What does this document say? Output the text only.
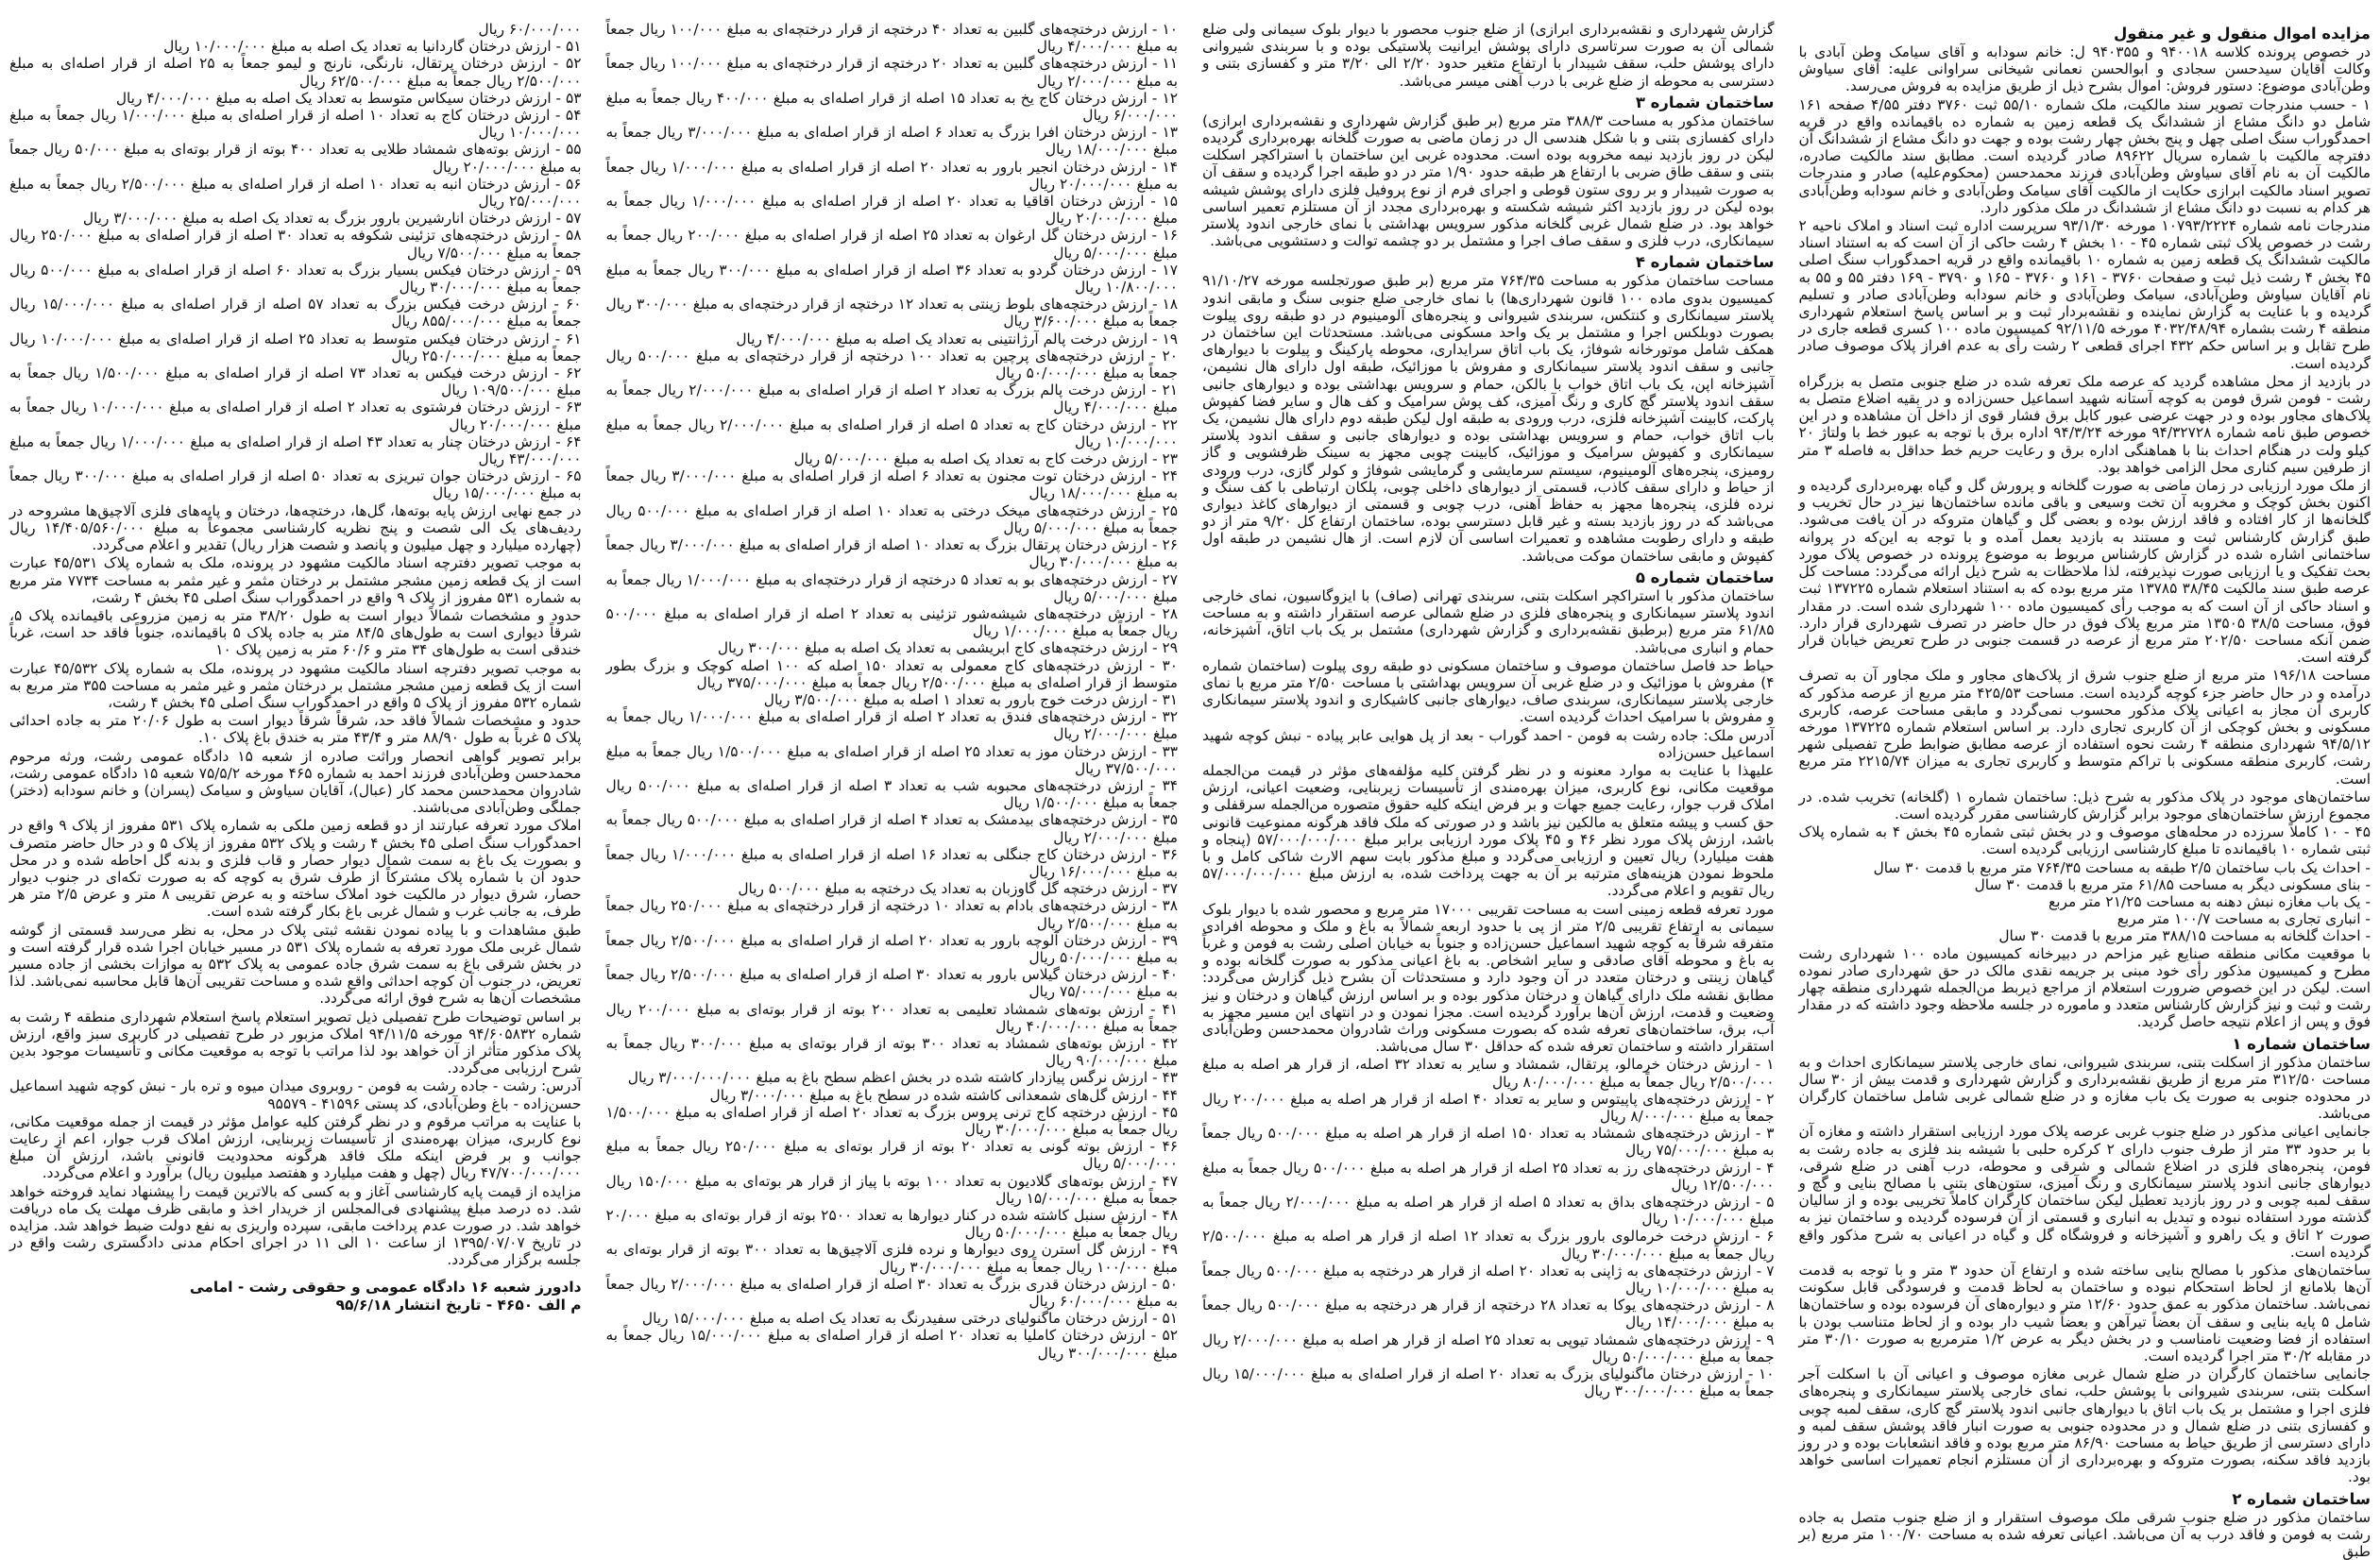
مزایده اموال منقول و غیر منقول

در خصوص پرونده کلاسه ۹۴۰۰۱۸ و ۹۴۰۳۵۵ ل: خانم سودابه و آقای سیامک وطن آبادی با وکالت آقایان سیدحسن سجادی و ابوالحسن نعمانی شیخانی سراوانی علیه: آقای سیاوش وطن‌آبادی موضوع: دستور فروش: اموال بشرح ذیل از طریق مزایده به فروش می‌رسد.

۱ - حسب مندرجات تصویر سند مالکیت، ملک شماره ۵۵/۱۰ ثبت ۳۷۶۰ دفتر ۴/۵۵ صفحه ۱۶۱ شامل دو دانگ مشاع از ششدانگ یک قطعه زمین به شماره ده باقیمانده واقع در قریه احمدگوراب سنگ اصلی چهل و پنج بخش چهار رشت بوده و جهت دو دانگ مشاع از ششدانگ آن دفترچه مالکیت با شماره سریال ۸۹۶۲۲ صادر گردیده است. مطابق سند مالکیت صادره، مالکیت آن به نام آقای سیاوش وطن‌آبادی فرزند محمدحسن (محکوم‌علیه) صادر و مندرجات تصویر اسناد مالکیت ابرازی حکایت از مالکیت آقای سیامک وطن‌آبادی و خانم سودابه وطن‌آبادی هر کدام به نسبت دو دانگ مشاع از ششدانگ در ملک مذکور دارد.

مندرجات نامه شماره ۱۰۷۹۳/۲۲۲۴ مورخه ۹۳/۱/۳۰ سرپرست اداره ثبت اسناد و املاک ناحیه ۲ رشت در خصوص پلاک ثبتی شماره ۴۵ - ۱۰ بخش ۴ رشت حاکی از آن است که به استناد اسناد مالکیت ششدانگ یک قطعه زمین به شماره ۱۰ باقیمانده واقع در قریه احمدگوراب سنگ اصلی ۴۵ بخش ۴ رشت ذیل ثبت و صفحات ۳۷۶۰ - ۱۶۱ و ۳۷۶۰ - ۱۶۵ و ۳۷۹۰ - ۱۶۹ دفتر ۵۵ و ۵۵ به نام آقایان سیاوش وطن‌آبادی، سیامک وطن‌آبادی و خانم سودابه وطن‌آبادی صادر و تسلیم گردیده و با عنایت به گزارش نماینده و نقشه‌بردار ثبت و بر اساس پاسخ استعلام شهرداری منطقه ۴ رشت بشماره ۴۰۳۲/۴۸/۹۴ مورخه ۹۲/۱۱/۵ کمیسیون ماده ۱۰۰ کسری قطعه جاری در طرح تقابل و بر اساس حکم ۴۳۲ اجرای قطعی ۲ رشت رأی به عدم افراز پلاک موصوف صادر گردیده است.

در بازدید از محل مشاهده گردید که عرصه ملک تعرفه شده در ضلع جنوبی متصل به بزرگراه رشت - فومن شرق فومن به کوچه آستانه شهید اسماعیل حسن‌زاده و در بقیه اضلاع متصل به پلاک‌های مجاور بوده و در جهت عرضی عبور کابل برق فشار قوی از داخل آن مشاهده و در این خصوص طبق نامه شماره ۹۴/۳۲۷۲۸ مورخه ۹۴/۳/۲۴ اداره برق با توجه به عبور خط با ولتاژ ۲۰ کیلو ولت در هنگام احداث بنا با هماهنگی اداره برق و رعایت حریم خط حداقل به فاصله ۳ متر از طرفین سیم کناری محل الزامی خواهد بود.

از ملک مورد ارزیابی در زمان ماضی به صورت گلخانه و پرورش گل و گیاه بهره‌برداری گردیده و اکنون بخش کوچک و مخروبه آن تخت وسیعی و باقی مانده ساختمان‌ها نیز در حال تخریب و گلخانه‌ها از کار افتاده و فاقد ارزش بوده و بعضی گل و گیاهان متروکه در آن یافت می‌شود. طبق گزارش کارشناس ثبت و مستند به بازدید بعمل آمده و با توجه به این‌که در پروانه ساختمانی اشاره شده در گزارش کارشناس مربوط به موضوع پرونده در خصوص پلاک مورد بحث تفکیک و یا ارزیابی صورت نپذیرفته، لذا ملاحظات به شرح ذیل ارائه می‌گردد: مساحت کل عرصه طبق سند مالکیت ۳۸/۴۵ ۱۳۷۸۵ متر مربع بوده که به استناد استعلام شماره ۱۳۷۲۲۵ ثبت و اسناد حاکی از آن است که به موجب رأی کمیسیون ماده ۱۰۰ شهرداری شده است. در مقدار فوق، مساحت ۳۸/۵ ۱۳۵۰۵ متر مربع پلاک فوق در حال حاضر در تصرف شهرداری قرار دارد. ضمن آنکه مساحت ۲۰۲/۵۰ متر مربع از عرصه در قسمت جنوبی در طرح تعریض خیابان قرار گرفته است.

مساحت ۱۹۶/۱۸ متر مربع از ضلع جنوب شرق از پلاک‌های مجاور و ملک مجاور آن به تصرف درآمده و در حال حاضر جزء کوچه گردیده است. مساحت ۴۲۵/۵۳ متر مربع از عرصه مذکور که کاربری آن مجاز به اعیانی پلاک مذکور محسوب نمی‌گردد و مابقی مساحت عرصه، کاربری مسکونی و بخش کوچکی از آن کاربری تجاری دارد. بر اساس استعلام شماره ۱۳۷۲۲۵ مورخه ۹۴/۵/۱۲ شهرداری منطقه ۴ رشت نحوه استفاده از عرصه مطابق ضوابط طرح تفصیلی شهر رشت، کاربری منطقه مسکونی با تراکم متوسط و کاربری تجاری به میزان ۲۲۱۵/۷۴ متر مربع است.

ساختمان‌های موجود در پلاک مذکور به شرح ذیل: ساختمان شماره ۱ (گلخانه) تخریب شده. در مجموع ارزش ساختمان‌های موجود برابر گزارش کارشناسی مقرر گردیده است.

۴۵ - ۱۰ کاملاً سرزده در محله‌های موصوف و در بخش ثبتی شماره ۴۵ بخش ۴ به شماره پلاک ثبتی شماره ۱۰ باقیمانده تا مبلغ کارشناسی ارزیابی گردیده است.

- احداث یک باب ساختمان ۲/۵ طبقه به مساحت ۷۶۴/۳۵ متر مربع با قدمت ۳۰ سال

- بنای مسکونی دیگر به مساحت ۶۱/۸۵ متر مربع با قدمت ۳۰ سال

- یک باب مغازه نبش دهنه به مساحت ۲۱/۲۵ متر مربع

- انباری تجاری به مساحت ۱۰۰/۷ متر مربع

- احداث گلخانه به مساحت ۳۸۸/۱۵ متر مربع با قدمت ۳۰ سال

با موقعیت مکانی منطقه صنایع غیر مزاحم در دبیرخانه کمیسیون ماده ۱۰۰ شهرداری رشت مطرح و کمیسیون مذکور رأی خود مبنی بر جریمه نقدی مالک در حق شهرداری صادر نموده است. لیکن در این خصوص ضرورت استعلام از مراجع ذیربط من‌الجمله شهرداری منطقه چهار رشت و ثبت و نیز گزارش کارشناس متعدد و ماموره در جلسه ملاحظه وجود داشته که در مقدار فوق و پس از اعلام نتیجه حاصل گردید.

ساختمان شماره ۱

ساختمان مذکور از اسکلت بتنی، سربندی شیروانی، نمای خارجی پلاستر سیمانکاری احداث و به مساحت ۳۱۲/۵۰ متر مربع از طریق نقشه‌برداری و گزارش شهرداری و قدمت بیش از ۳۰ سال در محدوده جنوبی به صورت یک باب مغازه و در ضلع شمالی غربی شامل ساختمان کارگران می‌باشد.

جانمایی اعیانی مذکور در ضلع جنوب غربی عرصه پلاک مورد ارزیابی استقرار داشته و مغازه آن با بر حدود ۳۳ متر از طرف جنوب دارای ۲ کرکره حلبی با شیشه بند فلزی به جاده رشت به فومن، پنجره‌های فلزی در اضلاع شمالی و شرقی و محوطه، درب آهنی در ضلع شرقی، دیوارهای جانبی اندود پلاستر سیمانکاری و رنگ آمیزی، ستون‌های بتنی با مصالح بنایی و گچ و سقف لمبه چوبی و در روز بازدید تعطیل لیکن ساختمان کارگران کاملاً تخریبی بوده و از سالیان گذشته مورد استفاده نبوده و تبدیل به انباری و قسمتی از آن فرسوده گردیده و ساختمان نیز به صورت ۲ اتاق و یک راهرو و آشپزخانه و فروشگاه گل و گیاه در اعیانی به شرح مذکور واقع گردیده است.

ساختمان‌های مذکور با مصالح بنایی ساخته شده و ارتفاع آن حدود ۳ متر و با توجه به قدمت آن‌ها بلامانع از لحاظ استحکام نبوده و ساختمان به لحاظ قدمت و فرسودگی قابل سکونت نمی‌باشد. ساختمان مذکور به عمق حدود ۱۲/۶۰ متر و دیواره‌های آن فرسوده بوده و ساختمان‌ها شامل ۵ پایه بنایی و سقف آن بعضاً تیرآهن و بعضاً شیب دار بوده و از لحاظ متناسب بودن با استفاده از فضا وضعیت نامناسب و در بخش دیگر به عرض ۱/۲ مترمربع به صورت ۳۰/۱۰ متر در مقابله ۳۰/۲ متر اجرا گردیده است.

جانمایی ساختمان کارگران در ضلع شمال غربی مغازه موصوف و اعیانی آن با اسکلت آجر اسکلت بتنی، سربندی شیروانی با پوشش حلب، نمای خارجی پلاستر سیمانکاری و پنجره‌های فلزی اجرا و مشتمل بر یک باب اتاق با دیوارهای جانبی اندود پلاستر گچ کاری، سقف لمبه چوبی و کفسازی بتنی در ضلع شمال و در محدوده جنوبی به صورت انبار فاقد پوشش سقف لمبه و دارای دسترسی از طریق حیاط به مساحت ۸۶/۹۰ متر مربع بوده و فاقد انشعابات بوده و در روز بازدید فاقد سکنه، بصورت متروکه و بهره‌برداری از آن مستلزم انجام تعمیرات اساسی خواهد بود.

ساختمان شماره ۲

ساختمان مذکور در ضلع جنوب شرقی ملک موصوف استقرار و از ضلع جنوب متصل به جاده رشت به فومن و فاقد درب به آن می‌باشد. اعیانی تعرفه شده به مساحت ۱۰۰/۷۰ متر مربع (بر طبق

گزارش شهرداری و نقشه‌برداری ابرازی) از ضلع جنوب محصور با دیوار بلوک سیمانی ولی ضلع شمالی آن به صورت سرتاسری دارای پوشش ایرانیت پلاستیکی بوده و با سربندی شیروانی دارای پوشش حلب، سقف شیبدار با ارتفاع متغیر حدود ۲/۲۰ الی ۳/۲۰ متر و کفسازی بتنی و دسترسی به محوطه از ضلع غربی با درب آهنی میسر می‌باشد.

ساختمان شماره ۳

ساختمان مذکور به مساحت ۳۸۸/۳ متر مربع (بر طبق گزارش شهرداری و نقشه‌برداری ابرازی) دارای کفسازی بتنی و با شکل هندسی ال در زمان ماضی به صورت گلخانه بهره‌برداری گردیده لیکن در روز بازدید نیمه مخروبه بوده است. محدوده غربی این ساختمان با استراکچر اسکلت بتنی و سقف طاق ضربی با ارتفاع هر طبقه حدود ۱/۹۰ متر در دو طبقه اجرا گردیده و سقف آن به صورت شیبدار و بر روی ستون قوطی و اجرای فرم از نوع پروفیل فلزی دارای پوشش شیشه بوده لیکن در روز بازدید اکثر شیشه شکسته و بهره‌برداری مجدد از آن مستلزم تعمیر اساسی خواهد بود. در ضلع شمال غربی گلخانه مذکور سرویس بهداشتی با نمای خارجی اندود پلاستر سیمانکاری، درب فلزی و سقف صاف اجرا و مشتمل بر دو چشمه توالت و دستشویی می‌باشد.

ساختمان شماره ۴

مساحت ساختمان مذکور به مساحت ۷۶۴/۳۵ متر مربع (بر طبق صورتجلسه مورخه ۹۱/۱۰/۲۷ کمیسیون بدوی ماده ۱۰۰ قانون شهرداری‌ها) با نمای خارجی ضلع جنوبی سنگ و مابقی اندود پلاستر سیمانکاری و کنتکس، سربندی شیروانی و پنجره‌های آلومینیوم در دو طبقه روی پیلوت بصورت دوبلکس اجرا و مشتمل بر یک واحد مسکونی می‌باشد. مستحدثات این ساختمان در همکف شامل موتورخانه شوفاژ، یک باب اتاق سرایداری، محوطه پارکینگ و پیلوت با دیوارهای جانبی و سقف اندود پلاستر سیمانکاری و مفروش با موزائیک، طبقه اول دارای هال نشیمن، آشپزخانه اپن، یک باب اتاق خواب با بالکن، حمام و سرویس بهداشتی بوده و دیوارهای جانبی سقف اندود پلاستر گچ کاری و رنگ آمیزی، کف پوش سرامیک و کف هال و سایر فضا کفپوش پارکت، کابینت آشپزخانه فلزی، درب ورودی به طبقه اول لیکن طبقه دوم دارای هال نشیمن، یک باب اتاق خواب، حمام و سرویس بهداشتی بوده و دیوارهای جانبی و سقف اندود پلاستر سیمانکاری و کفپوش سرامیک و موزائیک، کابینت چوبی مجهز به سینک ظرفشویی و گاز رومیزی، پنجره‌های آلومینیوم، سیستم سرمایشی و گرمایشی شوفاژ و کولر گازی، درب ورودی از حیاط و دارای سقف کاذب، قسمتی از دیوارهای داخلی چوبی، پلکان ارتباطی با کف سنگ و نرده فلزی، پنجره‌ها مجهز به حفاظ آهنی، درب چوبی و قسمتی از دیوارهای کاغذ دیواری می‌باشد که در روز بازدید بسته و غیر قابل دسترسی بوده، ساختمان ارتفاع کل ۹/۲۰ متر از دو طبقه و دارای رطوبت مشاهده و تعمیرات اساسی آن لازم است. از هال نشیمن در طبقه اول کفپوش و مابقی ساختمان موکت می‌باشد.

ساختمان شماره ۵

ساختمان مذکور با استراکچر اسکلت بتنی، سربندی تهرانی (صاف) با ایزوگاسیون، نمای خارجی اندود پلاستر سیمانکاری و پنجره‌های فلزی در ضلع شمالی عرصه استقرار داشته و به مساحت ۶۱/۸۵ متر مربع (برطبق نقشه‌برداری و گزارش شهرداری) مشتمل بر یک باب اتاق، آشپزخانه، حمام و انباری می‌باشد.

حیاط حد فاصل ساختمان موصوف و ساختمان مسکونی دو طبقه روی پیلوت (ساختمان شماره ۴) مفروش با موزائیک و در ضلع غربی آن سرویس بهداشتی با مساحت ۲/۵۰ متر مربع با نمای خارجی پلاستر سیمانکاری، سربندی صاف، دیوارهای جانبی کاشیکاری و اندود پلاستر سیمانکاری و مفروش با سرامیک احداث گردیده است.

آدرس ملک: جاده رشت به فومن - احمد گوراب - بعد از پل هوایی عابر پیاده - نبش کوچه شهید اسماعیل حسن‌زاده

علیهذا با عنایت به موارد معنونه و در نظر گرفتن کلیه مؤلفه‌های مؤثر در قیمت من‌الجمله موقعیت مکانی، نوع کاربری، میزان بهره‌مندی از تأسیسات زیربنایی، وضعیت اعیانی، ارزش املاک قرب جوار، رعایت جمیع جهات و بر فرض اینکه کلیه حقوق متصوره من‌الجمله سرقفلی و حق کسب و پیشه متعلق به مالکین نیز باشد و در صورتی که ملک فاقد هرگونه ممنوعیت قانونی باشد، ارزش پلاک مورد نظر ۴۶ و ۴۵ پلاک مورد ارزیابی برابر مبلغ ۵۷/۰۰۰/۰۰۰/۰۰۰ (پنجاه و هفت میلیارد) ریال تعیین و ارزیابی می‌گردد و مبلغ مذکور بابت سهم الارث شاکی کامل و با ملحوظ نمودن هزینه‌های مترتبه بر آن به جهت پرداخت شده، به ارزش مبلغ ۵۷/۰۰۰/۰۰۰/۰۰۰ ریال تقویم و اعلام می‌گردد.

مورد تعرفه قطعه زمینی است به مساحت تقریبی ۱۷۰۰۰ متر مربع و محصور شده با دیوار بلوک سیمانی به ارتفاع تقریبی ۲/۵ متر از پی با حدود اربعه شمالاً به باغ و ملک و محوطه افرادی متفرقه شرقاً به کوچه شهید اسماعیل حسن‌زاده و جنوباً به خیابان اصلی رشت به فومن و غرباً به باغ و محوطه آقای صادقی و سایر اشخاص. به باغ اعیانی مذکور به صورت گلخانه بوده و گیاهان زینتی و درختان متعدد در آن وجود دارد و مستحدثات آن بشرح ذیل گزارش می‌گردد: مطابق نقشه ملک دارای گیاهان و درختان مذکور بوده و بر اساس ارزش گیاهان و درختان و نیز وضعیت و قدمت، ارزش آن‌ها برآورد گردیده است. مجزا نمودن و در انتهای این مسیر مجهز به آب، برق، ساختمان‌های تعرفه شده که بصورت مسکونی وراث شادروان محمدحسن وطن‌آبادی استقرار داشته و ساختمان تعرفه شده که حداقل ۳۰ سال می‌باشد.

۱ - ارزش درختان خرمالو، پرتقال، شمشاد و سایر به تعداد ۳۲ اصله، از قرار هر اصله به مبلغ ۲/۵۰۰/۰۰۰ ریال جمعاً به مبلغ ۸۰/۰۰۰/۰۰۰ ریال

۲ - ارزش درختچه‌های پاپیتوس و سایر به تعداد ۴۰ اصله از قرار هر اصله به مبلغ ۲۰۰/۰۰۰ ریال جمعاً به مبلغ ۸/۰۰۰/۰۰۰ ریال

۳ - ارزش درختچه‌های شمشاد به تعداد ۱۵۰ اصله از قرار هر اصله به مبلغ ۵۰۰/۰۰۰ ریال جمعاً به مبلغ ۷۵/۰۰۰/۰۰۰ ریال

۴ - ارزش درختچه‌های رز به تعداد ۲۵ اصله از قرار هر اصله به مبلغ ۵۰۰/۰۰۰ ریال جمعاً به مبلغ ۱۲/۵۰۰/۰۰۰ ریال

۵ - ارزش درختچه‌های بداق به تعداد ۵ اصله از قرار هر اصله به مبلغ ۲/۰۰۰/۰۰۰ ریال جمعاً به مبلغ ۱۰/۰۰۰/۰۰۰ ریال

۶ - ارزش درخت خرمالوی بارور بزرگ به تعداد ۱۲ اصله از قرار هر اصله به مبلغ ۲/۵۰۰/۰۰۰ ریال جمعاً به مبلغ ۳۰/۰۰۰/۰۰۰ ریال

۷ - ارزش درختچه‌های به ژاپنی به تعداد ۲۰ اصله از قرار هر درختچه به مبلغ ۵۰۰/۰۰۰ ریال جمعاً به مبلغ ۱۰/۰۰۰/۰۰۰ ریال

۸ - ارزش درختچه‌های یوکا به تعداد ۲۸ درختچه از قرار هر درختچه به مبلغ ۵۰۰/۰۰۰ ریال جمعاً به مبلغ ۱۴/۰۰۰/۰۰۰ ریال

۹ - ارزش درختچه‌های شمشاد تیوپی به تعداد ۲۵ اصله از قرار هر اصله به مبلغ ۲/۰۰۰/۰۰۰ ریال جمعاً به مبلغ ۵۰/۰۰۰/۰۰۰ ریال

۱۰ - ارزش درختان ماگنولیای بزرگ به تعداد ۲۰ اصله از قرار اصله‌ای به مبلغ ۱۵/۰۰۰/۰۰۰ ریال جمعاً به مبلغ ۳۰۰/۰۰۰/۰۰۰ ریال

۱۰ - ارزش درختچه‌های گلبین به تعداد ۴۰ درختچه از قرار درختچه‌ای به مبلغ ۱۰۰/۰۰۰ ریال جمعاً به مبلغ ۴/۰۰۰/۰۰۰ ریال

۱۱ - ارزش درختچه‌های گلبین به تعداد ۲۰ درختچه از قرار درختچه‌ای به مبلغ ۱۰۰/۰۰۰ ریال جمعاً به مبلغ ۲/۰۰۰/۰۰۰ ریال

۱۲ - ارزش درختان کاج یخ به تعداد ۱۵ اصله از قرار اصله‌ای به مبلغ ۴۰۰/۰۰۰ ریال جمعاً به مبلغ ۶/۰۰۰/۰۰۰ ریال

۱۳ - ارزش درختان افرا بزرگ به تعداد ۶ اصله از قرار اصله‌ای به مبلغ ۳/۰۰۰/۰۰۰ ریال جمعاً به مبلغ ۱۸/۰۰۰/۰۰۰ ریال

۱۴ - ارزش درختان انجیر بارور به تعداد ۲۰ اصله از قرار اصله‌ای به مبلغ ۱/۰۰۰/۰۰۰ ریال جمعاً به مبلغ ۲۰/۰۰۰/۰۰۰ ریال

۱۵ - ارزش درختان اقاقیا به تعداد ۲۰ اصله از قرار اصله‌ای به مبلغ ۱/۰۰۰/۰۰۰ ریال جمعاً به مبلغ ۲۰/۰۰۰/۰۰۰ ریال

۱۶ - ارزش درختان گل ارغوان به تعداد ۲۵ اصله از قرار اصله‌ای به مبلغ ۲۰۰/۰۰۰ ریال جمعاً به مبلغ ۵/۰۰۰/۰۰۰ ریال

۱۷ - ارزش درختان گردو به تعداد ۳۶ اصله از قرار اصله‌ای به مبلغ ۳۰۰/۰۰۰ ریال جمعاً به مبلغ ۱۰/۸۰۰/۰۰۰ ریال

۱۸ - ارزش درختچه‌های بلوط زینتی به تعداد ۱۲ درختچه از قرار درختچه‌ای به مبلغ ۳۰۰/۰۰۰ ریال جمعاً به مبلغ ۳/۶۰۰/۰۰۰ ریال

۱۹ - ارزش درخت پالم آرژانتینی به تعداد یک اصله به مبلغ ۴/۰۰۰/۰۰۰ ریال

۲۰ - ارزش درختچه‌های پرچین به تعداد ۱۰۰ درختچه از قرار درختچه‌ای به مبلغ ۵۰۰/۰۰۰ ریال جمعاً به مبلغ ۵۰/۰۰۰/۰۰۰ ریال

۲۱ - ارزش درخت پالم بزرگ به تعداد ۲ اصله از قرار اصله‌ای به مبلغ ۲/۰۰۰/۰۰۰ ریال جمعاً به مبلغ ۴/۰۰۰/۰۰۰ ریال

۲۲ - ارزش درختان کاج به تعداد ۵ اصله از قرار اصله‌ای به مبلغ ۲/۰۰۰/۰۰۰ ریال جمعاً به مبلغ ۱۰/۰۰۰/۰۰۰ ریال

۲۳ - ارزش درخت کاج به تعداد یک اصله به مبلغ ۵/۰۰۰/۰۰۰ ریال

۲۴ - ارزش درختان توت مجنون به تعداد ۶ اصله از قرار اصله‌ای به مبلغ ۳/۰۰۰/۰۰۰ ریال جمعاً به مبلغ ۱۸/۰۰۰/۰۰۰ ریال

۲۵ - ارزش درختچه‌های میخک درختی به تعداد ۱۰ اصله از قرار اصله‌ای به مبلغ ۵۰۰/۰۰۰ ریال جمعاً به مبلغ ۵/۰۰۰/۰۰۰ ریال

۲۶ - ارزش درختان پرتقال بزرگ به تعداد ۱۰ اصله از قرار اصله‌ای به مبلغ ۳/۰۰۰/۰۰۰ ریال جمعاً به مبلغ ۳۰/۰۰۰/۰۰۰ ریال

۲۷ - ارزش درختچه‌های بو به تعداد ۵ درختچه از قرار درختچه‌ای به مبلغ ۱/۰۰۰/۰۰۰ ریال جمعاً به مبلغ ۵/۰۰۰/۰۰۰ ریال

۲۸ - ارزش درختچه‌های شیشه‌شور تزئینی به تعداد ۲ اصله از قرار اصله‌ای به مبلغ ۵۰۰/۰۰۰ ریال جمعاً به مبلغ ۱/۰۰۰/۰۰۰ ریال

۲۹ - ارزش درختچه‌های کاج ابریشمی به تعداد یک اصله به مبلغ ۳۰۰/۰۰۰ ریال

۳۰ - ارزش درختچه‌های کاج معمولی به تعداد ۱۵۰ اصله که ۱۰۰ اصله کوچک و بزرگ بطور متوسط از قرار اصله‌ای به مبلغ ۲/۵۰۰/۰۰۰ ریال جمعاً به مبلغ ۳۷۵/۰۰۰/۰۰۰ ریال

۳۱ - ارزش درخت خوج بارور به تعداد ۱ اصله به مبلغ ۳/۵۰۰/۰۰۰ ریال

۳۲ - ارزش درختچه‌های فندق به تعداد ۲ اصله از قرار اصله‌ای به مبلغ ۱/۰۰۰/۰۰۰ ریال جمعاً به مبلغ ۲/۰۰۰/۰۰۰ ریال

۳۳ - ارزش درختان موز به تعداد ۲۵ اصله از قرار اصله‌ای به مبلغ ۱/۵۰۰/۰۰۰ ریال جمعاً به مبلغ ۳۷/۵۰۰/۰۰۰ ریال

۳۴ - ارزش درختچه‌های محبوبه شب به تعداد ۳ اصله از قرار اصله‌ای به مبلغ ۵۰۰/۰۰۰ ریال جمعاً به مبلغ ۱/۵۰۰/۰۰۰ ریال

۳۵ - ارزش درختچه‌های بیدمشک به تعداد ۴ اصله از قرار اصله‌ای به مبلغ ۵۰۰/۰۰۰ ریال جمعاً به مبلغ ۲/۰۰۰/۰۰۰ ریال

۳۶ - ارزش درختان کاج جنگلی به تعداد ۱۶ اصله از قرار اصله‌ای به مبلغ ۱/۰۰۰/۰۰۰ ریال جمعاً به مبلغ ۱۶/۰۰۰/۰۰۰ ریال

۳۷ - ارزش درختچه گل گاوزبان به تعداد یک درختچه به مبلغ ۵۰۰/۰۰۰ ریال

۳۸ - ارزش درختچه‌های بادام به تعداد ۱۰ درختچه از قرار درختچه‌ای به مبلغ ۲۵۰/۰۰۰ ریال جمعاً به مبلغ ۲/۵۰۰/۰۰۰ ریال

۳۹ - ارزش درختان آلوچه بارور به تعداد ۲۰ اصله از قرار اصله‌ای به مبلغ ۲/۵۰۰/۰۰۰ ریال جمعاً به مبلغ ۵۰/۰۰۰/۰۰۰ ریال

۴۰ - ارزش درختان گیلاس بارور به تعداد ۳۰ اصله از قرار اصله‌ای به مبلغ ۲/۵۰۰/۰۰۰ ریال جمعاً به مبلغ ۷۵/۰۰۰/۰۰۰ ریال

۴۱ - ارزش بوته‌های شمشاد تعلیمی به تعداد ۲۰۰ بوته از قرار بوته‌ای به مبلغ ۲۰۰/۰۰۰ ریال جمعاً به مبلغ ۴۰/۰۰۰/۰۰۰ ریال

۴۲ - ارزش بوته‌های شمشاد به تعداد ۳۰۰ بوته از قرار بوته‌ای به مبلغ ۳۰۰/۰۰۰ ریال جمعاً به مبلغ ۹۰/۰۰۰/۰۰۰ ریال

۴۳ - ارزش نرگس پیازدار کاشته شده در بخش اعظم سطح باغ به مبلغ ۳/۰۰۰/۰۰۰/۰۰۰ ریال

۴۴ - ارزش گل‌های شمعدانی کاشته شده در سطح باغ به مبلغ ۳/۰۰۰/۰۰۰ ریال

۴۵ - ارزش درختچه کاج ترنی پروس بزرگ به تعداد ۲۰ اصله از قرار اصله‌ای به مبلغ ۱/۵۰۰/۰۰۰ ریال جمعاً به مبلغ ۳۰/۰۰۰/۰۰۰ ریال

۴۶ - ارزش بوته گونی به تعداد ۲۰ بوته از قرار بوته‌ای به مبلغ ۲۵۰/۰۰۰ ریال جمعاً به مبلغ ۵/۰۰۰/۰۰۰ ریال

۴۷ - ارزش بوته‌های گلادیون به تعداد ۱۰۰ بوته با پیاز از قرار هر بوته‌ای به مبلغ ۱۵۰/۰۰۰ ریال جمعاً به مبلغ ۱۵/۰۰۰/۰۰۰ ریال

۴۸ - ارزش سنبل کاشته شده در کنار دیوارها به تعداد ۲۵۰۰ بوته از قرار بوته‌ای به مبلغ ۲۰/۰۰۰ ریال جمعاً به مبلغ ۵۰/۰۰۰/۰۰۰ ریال

۴۹ - ارزش گل استرن روی دیوارها و نرده فلزی آلاچیق‌ها به تعداد ۳۰۰ بوته از قرار بوته‌ای به مبلغ ۱۰۰/۰۰۰ ریال جمعاً به مبلغ ۳۰/۰۰۰/۰۰۰ ریال

۵۰ - ارزش درختان قدری بزرگ به تعداد ۳۰ اصله از قرار اصله‌ای به مبلغ ۲/۰۰۰/۰۰۰ ریال جمعاً به مبلغ ۶۰/۰۰۰/۰۰۰ ریال

۵۱ - ارزش درختان ماگنولیای درختی سفیدرنگ به تعداد یک اصله به مبلغ ۱۵/۰۰۰/۰۰۰ ریال

۵۲ - ارزش درختان کاملیا به تعداد ۲۰ اصله از قرار اصله‌ای به مبلغ ۱۵/۰۰۰/۰۰۰ ریال جمعاً به مبلغ ۳۰۰/۰۰۰/۰۰۰ ریال

۶۰/۰۰۰/۰۰۰ ریال

۵۱ - ارزش درختان گاردانیا به تعداد یک اصله به مبلغ ۱۰/۰۰۰/۰۰۰ ریال

۵۲ - ارزش درختان پرتقال، نارنگی، نارنج و لیمو جمعاً به ۲۵ اصله از قرار اصله‌ای به مبلغ ۲/۵۰۰/۰۰۰ ریال جمعاً به مبلغ ۶۲/۵۰۰/۰۰۰ ریال

۵۳ - ارزش درختان سیکاس متوسط به تعداد یک اصله به مبلغ ۴/۰۰۰/۰۰۰ ریال

۵۴ - ارزش درختان کاج به تعداد ۱۰ اصله از قرار اصله‌ای به مبلغ ۱/۰۰۰/۰۰۰ ریال جمعاً به مبلغ ۱۰/۰۰۰/۰۰۰ ریال

۵۵ - ارزش بوته‌های شمشاد طلایی به تعداد ۴۰۰ بوته از قرار بوته‌ای به مبلغ ۵۰/۰۰۰ ریال جمعاً به مبلغ ۲۰/۰۰۰/۰۰۰ ریال

۵۶ - ارزش درختان انبه به تعداد ۱۰ اصله از قرار اصله‌ای به مبلغ ۲/۵۰۰/۰۰۰ ریال جمعاً به مبلغ ۲۵/۰۰۰/۰۰۰ ریال

۵۷ - ارزش درختان انارشیرین بارور بزرگ به تعداد یک اصله به مبلغ ۳/۰۰۰/۰۰۰ ریال

۵۸ - ارزش درختچه‌های تزئینی شکوفه به تعداد ۳۰ اصله از قرار اصله‌ای به مبلغ ۲۵۰/۰۰۰ ریال جمعاً به مبلغ ۷/۵۰۰/۰۰۰ ریال

۵۹ - ارزش درختان فیکس بسیار بزرگ به تعداد ۶۰ اصله از قرار اصله‌ای به مبلغ ۵۰۰/۰۰۰ ریال جمعاً به مبلغ ۳۰/۰۰۰/۰۰۰ ریال

۶۰ - ارزش درخت فیکس بزرگ به تعداد ۵۷ اصله از قرار اصله‌ای به مبلغ ۱۵/۰۰۰/۰۰۰ ریال جمعاً به مبلغ ۸۵۵/۰۰۰/۰۰۰ ریال

۶۱ - ارزش درختان فیکس متوسط به تعداد ۲۵ اصله از قرار اصله‌ای به مبلغ ۱۰/۰۰۰/۰۰۰ ریال جمعاً به مبلغ ۲۵۰/۰۰۰/۰۰۰ ریال

۶۲ - ارزش درخت فیکس به تعداد ۷۳ اصله از قرار اصله‌ای به مبلغ ۱/۵۰۰/۰۰۰ ریال جمعاً به مبلغ ۱۰۹/۵۰۰/۰۰۰ ریال

۶۳ - ارزش درختان فرشتوی به تعداد ۲ اصله از قرار اصله‌ای به مبلغ ۱۰/۰۰۰/۰۰۰ ریال جمعاً به مبلغ ۲۰/۰۰۰/۰۰۰ ریال

۶۴ - ارزش درختان چنار به تعداد ۴۳ اصله از قرار اصله‌ای به مبلغ ۱/۰۰۰/۰۰۰ ریال جمعاً به مبلغ ۴۳/۰۰۰/۰۰۰ ریال

۶۵ - ارزش درختان جوان تبریزی به تعداد ۵۰ اصله از قرار اصله‌ای به مبلغ ۳۰۰/۰۰۰ ریال جمعاً به مبلغ ۱۵/۰۰۰/۰۰۰ ریال

در جمع نهایی ارزش پایه بوته‌ها، گل‌ها، درختچه‌ها، درختان و پایه‌های فلزی آلاچیق‌ها مشروحه در ردیف‌های یک الی شصت و پنج نظریه کارشناسی مجموعاً به مبلغ ۱۴/۴۰۵/۵۶۰/۰۰۰ ریال (چهارده میلیارد و چهل میلیون و پانصد و شصت هزار ریال) تقدیر و اعلام می‌گردد.

به موجب تصویر دفترچه اسناد مالکیت مشهود در پرونده، ملک به شماره پلاک ۴۵/۵۳۱ عبارت است از یک قطعه زمین مشجر مشتمل بر درختان مثمر و غیر مثمر به مساحت ۷۷۳۴ متر مربع به شماره ۵۳۱ مفروز از پلاک ۹ واقع در احمدگوراب سنگ اصلی ۴۵ بخش ۴ رشت،

حدود و مشخصات شمالاً دیوار است به طول ۳۸/۲۰ متر به زمین مزروعی باقیمانده پلاک ۵، شرقاً دیواری است به طول‌های ۸۴/۵ متر به جاده پلاک ۵ باقیمانده، جنوباً فاقد حد است، غرباً خندقی است به طول‌های ۳۴ متر و ۶۰/۶ متر به زمین پلاک ۱۰

به موجب تصویر دفترچه اسناد مالکیت مشهود در پرونده، ملک به شماره پلاک ۴۵/۵۳۲ عبارت است از یک قطعه زمین مشجر مشتمل بر درختان مثمر و غیر مثمر به مساحت ۳۵۵ متر مربع به شماره ۵۳۲ مفروز از پلاک ۵ واقع در احمدگوراب سنگ اصلی ۴۵ بخش ۴ رشت،

حدود و مشخصات شمالاً فاقد حد، شرقاً شرقاً دیوار است به طول ۲۰/۰۶ متر به جاده احدائی پلاک ۵ غرباً به طول ۸۸/۹۰ متر و ۴۳/۴ متر به خندق باغ پلاک ۱۰.

برابر تصویر گواهی انحصار وراثت صادره از شعبه ۱۵ دادگاه عمومی رشت، ورثه مرحوم محمدحسن وطن‌آبادی فرزند احمد به شماره ۴۶۵ مورخه ۷۵/۵/۲ شعبه ۱۵ دادگاه عمومی رشت، شادروان محمدحسن محمد کار (عبال)، آقایان سیاوش و سیامک (پسران) و خانم سودابه (دختر) جملگی وطن‌آبادی می‌باشند.

املاک مورد تعرفه عبارتند از دو قطعه زمین ملکی به شماره پلاک ۵۳۱ مفروز از پلاک ۹ واقع در احمدگوراب سنگ اصلی ۴۵ بخش ۴ رشت و پلاک ۵۳۲ مفروز از پلاک ۵ و در حال حاضر متصرف و بصورت یک باغ به سمت شمال دیوار حصار و قاب فلزی و بدنه گل احاطه شده و در محل حدود آن با شماره پلاک مشترکاً از طرف شرق به کوچه که به صورت تکه‌ای در جنوب دیوار حصار، شرق دیوار در مالکیت خود املاک ساخته و به عرض تقریبی ۸ متر و عرض ۲/۵ متر هر طرف، به جانب غرب و شمال غربی باغ بکار گرفته شده است.

طبق مشاهدات و با پیاده نمودن نقشه ثبتی پلاک در محل، به نظر می‌رسد قسمتی از گوشه شمال غربی ملک مورد تعرفه به شماره پلاک ۵۳۱ در مسیر خیابان اجرا شده قرار گرفته است و در بخش شرقی باغ به سمت شرق جاده عمومی به پلاک ۵۳۲ به موازات بخشی از جاده مسیر تعریض، در جنوب آن کوچه احداثی واقع شده و مساحت تقریبی آن‌ها قابل محاسبه نمی‌باشد. لذا مشخصات آن‌ها به شرح فوق ارائه می‌گردد.

بر اساس توضیحات طرح تفصیلی ذیل تصویر استعلام پاسخ استعلام شهرداری منطقه ۴ رشت به شماره ۹۴/۶۰۵۸۳۲ مورخه ۹۴/۱۱/۵ املاک مزبور در طرح تفصیلی در کاربری سبز واقع، ارزش پلاک مذکور متأثر از آن خواهد بود لذا مراتب با توجه به موقعیت مکانی و تأسیسات موجود بدین شرح ارزیابی می‌گردد.

آدرس: رشت - جاده رشت به فومن - روبروی میدان میوه و تره بار - نبش کوچه شهید اسماعیل حسن‌زاده - باغ وطن‌آبادی، کد پستی ۴۱۵۹۶ - ۹۵۵۷۹

با عنایت به مراتب مرقوم و در نظر گرفتن کلیه عوامل مؤثر در قیمت از جمله موقعیت مکانی، نوع کاربری، میزان بهره‌مندی از تأسیسات زیربنایی، ارزش املاک قرب جوار، اعم از رعایت جوانب و بر فرض اینکه ملک فاقد هرگونه محدودیت قانونی باشد، ارزش آن مبلغ ۴۷/۷۰۰/۰۰۰/۰۰۰ ریال (چهل و هفت میلیارد و هفتصد میلیون ریال) برآورد و اعلام می‌گردد.

مزایده از قیمت پایه کارشناسی آغاز و به کسی که بالاترین قیمت را پیشنهاد نماید فروخته خواهد شد. ده درصد مبلغ پیشنهادی فی‌المجلس از خریدار اخذ و مابقی ظرف مهلت یک ماه دریافت خواهد شد. در صورت عدم پرداخت مابقی، سپرده واریزی به نفع دولت ضبط خواهد شد. مزایده در تاریخ ۱۳۹۵/۰۷/۰۷ از ساعت ۱۰ الی ۱۱ در اجرای احکام مدنی دادگستری رشت واقع در جلسه برگزار می‌گردد.

دادورز شعبه ۱۶ دادگاه عمومی و حقوقی رشت - امامی

م الف ۴۶۵۰ - تاریخ انتشار ۹۵/۶/۱۸
